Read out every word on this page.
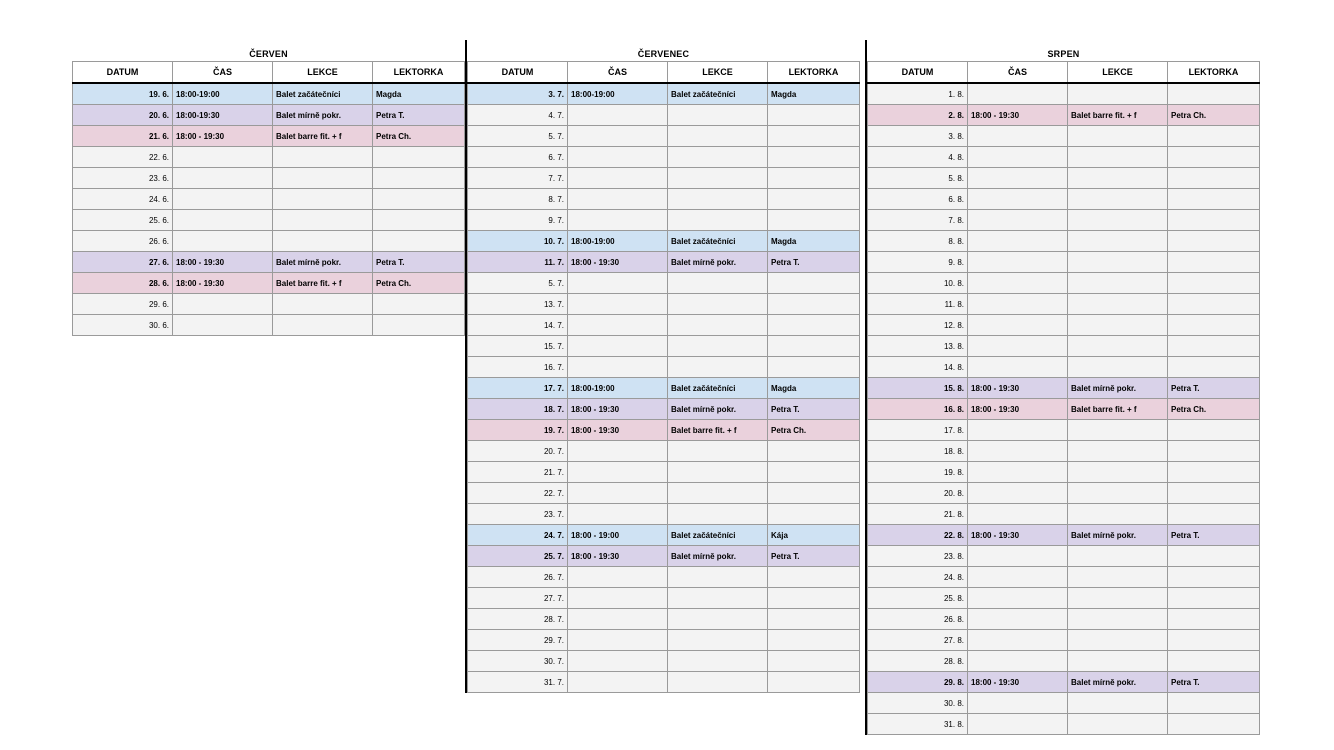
ČERVEN
DATUM	ČAS	LEKCE	LEKTORKA
19. 6.	18:00-19:00	Balet začátečníci	Magda
20. 6.	18:00-19:30	Balet mírně pokr.	Petra T.
21. 6.	18:00 - 19:30	Balet barre fit. + f	Petra Ch.
22. 6.			
23. 6.			
24. 6.			
25. 6.			
26. 6.			
27. 6.	18:00 - 19:30	Balet mírně pokr.	Petra T.
28. 6.	18:00 - 19:30	Balet barre fit. + f	Petra Ch.
29. 6.			
30. 6.			
ČERVENEC
DATUM	ČAS	LEKCE	LEKTORKA
3. 7.	18:00-19:00	Balet začátečníci	Magda
4. 7.			
5. 7.			
6. 7.			
7. 7.			
8. 7.			
9. 7.			
10. 7.	18:00-19:00	Balet začátečníci	Magda
11. 7.	18:00 - 19:30	Balet mírně pokr.	Petra T.
5. 7.			
13. 7.			
14. 7.			
15. 7.			
16. 7.			
17. 7.	18:00-19:00	Balet začátečníci	Magda
18. 7.	18:00 - 19:30	Balet mírně pokr.	Petra T.
19. 7.	18:00 - 19:30	Balet barre fit. + f	Petra Ch.
20. 7.			
21. 7.			
22. 7.			
23. 7.			
24. 7.	18:00 - 19:00	Balet začátečníci	Kája
25. 7.	18:00 - 19:30	Balet mírně pokr.	Petra T.
26. 7.			
27. 7.			
28. 7.			
29. 7.			
30. 7.			
31. 7.			
SRPEN
DATUM	ČAS	LEKCE	LEKTORKA
1. 8.			
2. 8.	18:00 - 19:30	Balet barre fit. + f	Petra Ch.
3. 8.			
4. 8.			
5. 8.			
6. 8.			
7. 8.			
8. 8.			
9. 8.			
10. 8.			
11. 8.			
12. 8.			
13. 8.			
14. 8.			
15. 8.	18:00 - 19:30	Balet mírně pokr.	Petra T.
16. 8.	18:00 - 19:30	Balet barre fit. + f	Petra Ch.
17. 8.			
18. 8.			
19. 8.			
20. 8.			
21. 8.			
22. 8.	18:00 - 19:30	Balet mírně pokr.	Petra T.
23. 8.			
24. 8.			
25. 8.			
26. 8.			
27. 8.			
28. 8.			
29. 8.	18:00 - 19:30	Balet mírně pokr.	Petra T.
30. 8.			
31. 8.			
